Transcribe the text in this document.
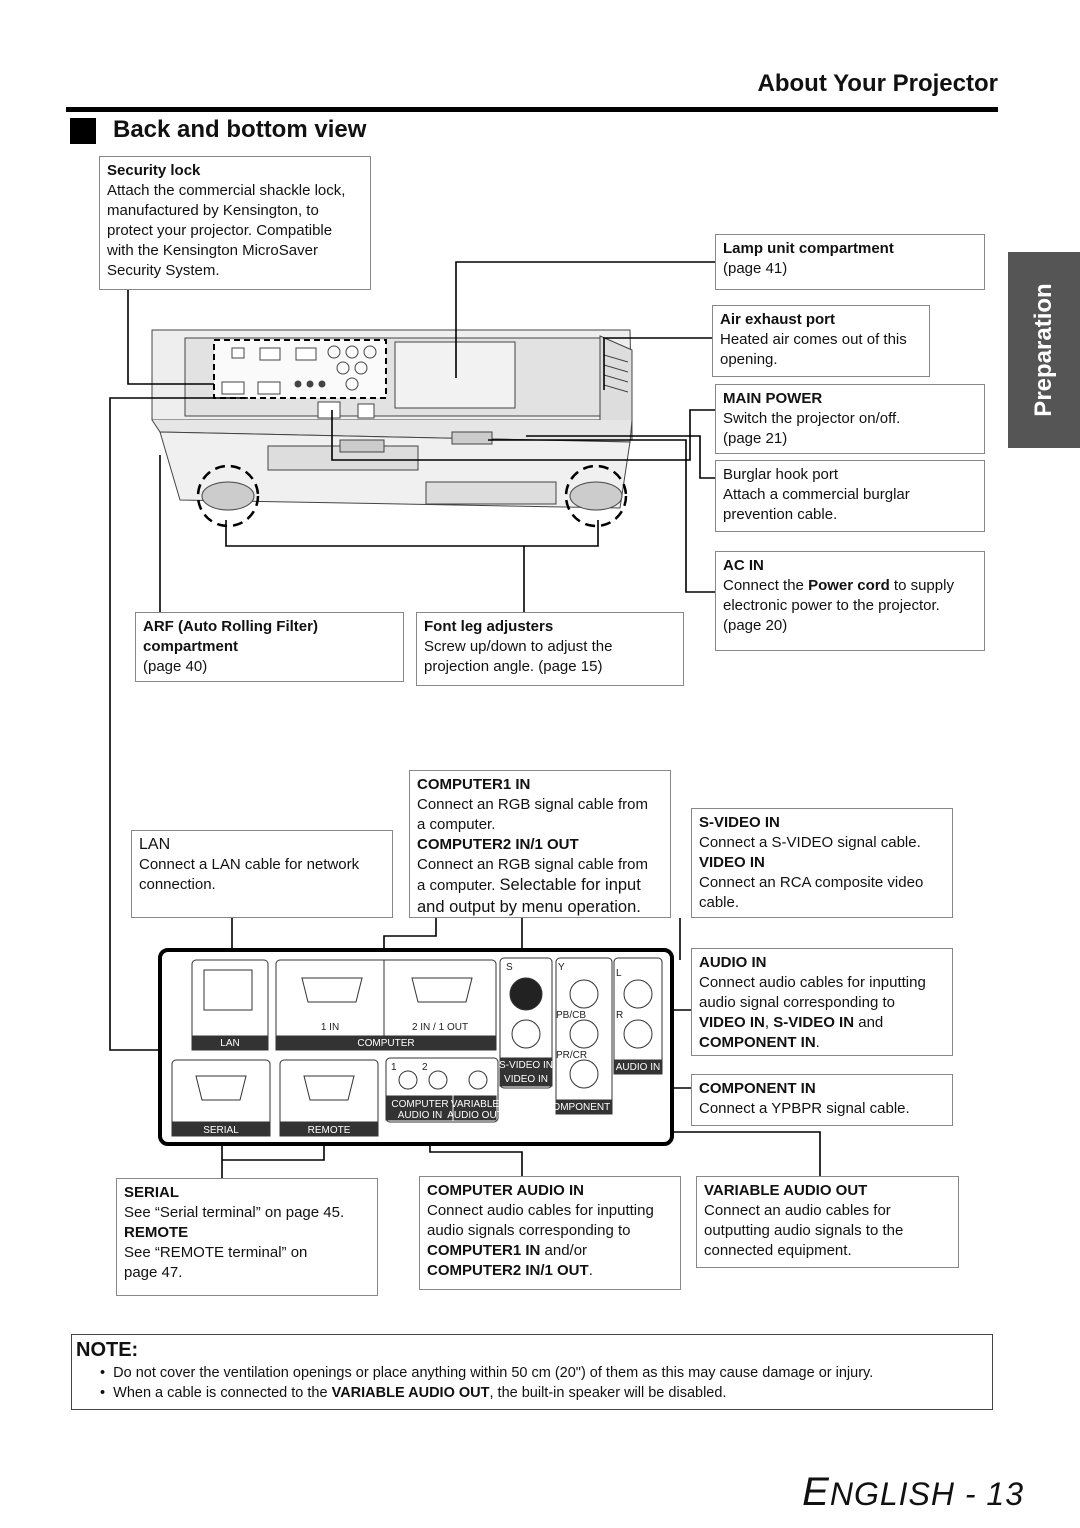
About Your Projector
Back and bottom view
Preparation
LAN	COMPUTER
1 IN	2 IN / 1 OUT
SERIAL	REMOTE
S	Y
L
R
PB/CB
PR/CR
S-VIDEO IN
VIDEO IN
AUDIO IN
COMPONENT IN
1	2
COMPUTER
AUDIO IN
VARIABLE
AUDIO OUT
Security lock
Attach the commercial shackle lock,
manufactured by Kensington, to
protect your projector. Compatible
with the Kensington MicroSaver
Security System.
Lamp unit compartment
(page 41)
Air exhaust port
Heated air comes out of this
opening.
MAIN POWER
Switch the projector on/off.
(page 21)
Burglar hook port
Attach a commercial burglar
prevention cable.
AC IN
Connect the Power cord to supply
electronic power to the projector.
(page 20)
ARF (Auto Rolling Filter)
compartment
(page 40)
Font leg adjusters
Screw up/down to adjust the
projection angle. (page 15)
COMPUTER1 IN
Connect an RGB signal cable from
a computer.
COMPUTER2 IN/1 OUT
Connect an RGB signal cable from
a computer. Selectable for input
and output by menu operation.
LAN
Connect a LAN cable for network
connection.
S-VIDEO IN
Connect a S-VIDEO signal cable.
VIDEO IN
Connect an RCA composite video
cable.
AUDIO IN
Connect audio cables for inputting
audio signal corresponding to
VIDEO IN, S-VIDEO IN and
COMPONENT IN.
COMPONENT IN
Connect a YPBPR signal cable.
SERIAL
See “Serial terminal” on page 45.
REMOTE
See “REMOTE terminal” on
page 47.
COMPUTER AUDIO IN
Connect audio cables for inputting
audio signals corresponding to
COMPUTER1 IN and/or
COMPUTER2 IN/1 OUT.
VARIABLE AUDIO OUT
Connect an audio cables for
outputting audio signals to the
connected equipment.
NOTE:
•  Do not cover the ventilation openings or place anything within 50 cm (20") of them as this may cause damage or injury.
•  When a cable is connected to the VARIABLE AUDIO OUT, the built-in speaker will be disabled.
ENGLISH - 13
